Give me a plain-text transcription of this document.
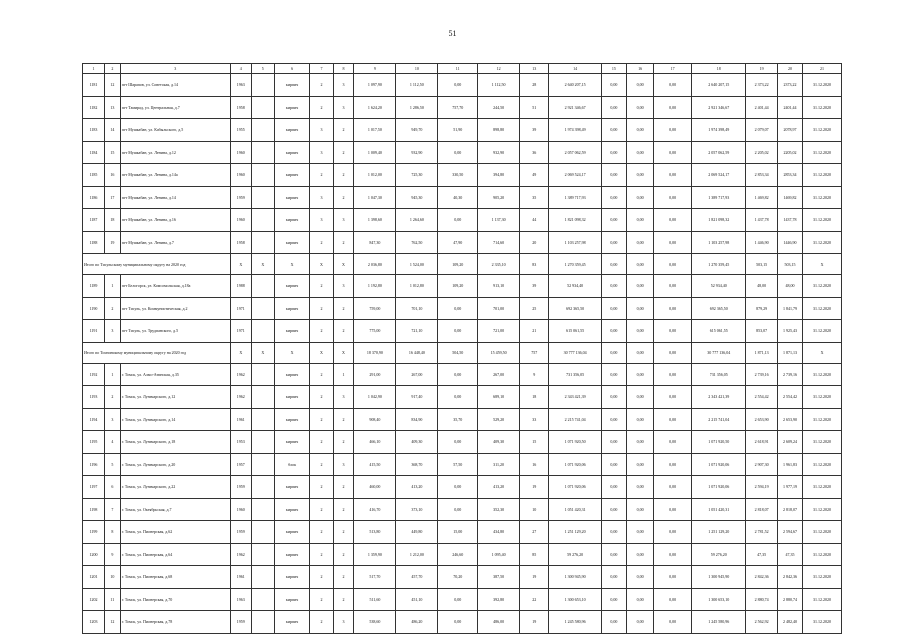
51
1	2	3	4	5	6	7	8	9	10	11	12	13	14	15	16	17	18	19	20	21
1181	12	пгт Шарапов, ул. Советская, д.14	1963		кирпич	2	3	1 097,90	1 112,50	0,00	1 112,50	28	2 640 207,15	0,00	0,00	0,00	2 640 207,15	2 373,22	2373,22	31.12.2020
1182	13	пгт Тамирад, ул. Центральная, д.7	1958		кирпич	2	3	1 624,20	1 286,50	757,70	244,50	51	2 921 346,67	0,00	0,00	0,00	2 921 346,67	2 401,44	2401,44	31.12.2020
1183	14	пгт Мушкабан, ул. Кабыльского, д.5	1955		кирпич	3	2	1 017,50	949,70	51,90	898,80	39	1 974 398,49	0,00	0,00	0,00	1 974 398,49	2 079,07	2078,97	31.12.2020
1184	15	пгт Мушкабан, ул. Ленина, д.12	1960		кирпич	3	2	1 009,40	932,90	0,00	932,90	36	2 057 062,59	0,00	0,00	0,00	2 057 062,59	2 205,02	2205,02	31.12.2020
1185	16	пгт Мушкабан, ул. Ленина, д.14а	1960		кирпич	2	2	1 012,00	725,30	330,50	394,80	49	2 069 524,17	0,00	0,00	0,00	2 069 524,17	2 853,34	2853,34	31.12.2020
1186	17	пгт Мушкабан, ул. Ленина, д.14	1959		кирпич	3	2	1 047,30	945,30	40,30	905,20	35	1 389 717,93	0,00	0,00	0,00	1 389 717,93	1 469,82	1469,82	31.12.2020
1187	18	пгт Мушкабан, ул. Ленина, д.16	1960		кирпич	3	3	1 398,60	1 264,60	0,00	1 137,30	44	1 821 098,32	0,00	0,00	0,00	1 821 098,32	1 437,78	1437,78	31.12.2020
1188	19	пгт Мушкабан, ул. Ленина, д.7	1958		кирпич	2	2	847,30	762,50	47,90	714,60	20	1 103 257,98	0,00	0,00	0,00	1 103 257,98	1 446,90	1446,90	31.12.2020
Итого по Тисульскому муниципальному округу на 2020 год			X	X	X	X	X	2 036,80	1 524,00	109,20	2 335,10	83	1 270 359,45	0,00	0,00	0,00	1 270 359,45	503,15	503,15	X
1189	1	пгт Белогорск, ул. Комсомольская, д.18а	1988		кирпич	2	3	1 192,80	1 012,80	109,20	913,10	39	52 934,40	0,00	0,00	0,00	52 934,40	48,00	48,00	31.12.2020
1190	2	пгт Тисуль, ул. Коммунистическая, д.2	1971		кирпич	2	2	759,00	701,10	0,00	701,00	25	692 365,50	0,00	0,00	0,00	692 365,50	879,29	1 841,79	31.12.2020
1191	3	пгт Тисуль, ул. Трудпанского, д.5	1971		кирпич	2	2	775,00	721,10	0,00	721,00	21	615 061,55	0,00	0,00	0,00	615 061,55	853,07	1 925,43	31.12.2020
Итого по Томзинскому муниципальному округу на 2020 год			X	X	X	X	X	18 370,90	16 448,40	504,50	15 459,50	757	30 777 136,04	0,00	0,00	0,00	30 777 136,04	1 871,13	1 871,13	X
1192	1	г. Томск, ул. Алмо-Атинская, д.35	1962		кирпич	2	1	291,00	267,00	0,00	267,00	9	731 356,05	0,00	0,00	0,00	731 356,05	2 739,16	2 739,16	31.12.2020
1193	2	г. Томск, ул. Луначарского, д.12	1962		кирпич	2	3	1 042,90	917,40	0,00	689,10	18	2 343 421,39	0,00	0,00	0,00	2 343 421,39	2 554,42	2 554,42	31.12.2020
1194	3	г. Томск, ул. Луначарского, д.14	1961		кирпич	2	2	908,40	834,90	35,70	529,20	33	2 215 741,04	0,00	0,00	0,00	2 215 741,04	2 653,90	2 653,90	31.12.2020
1195	4	г. Томск, ул. Луначарского, д.18	1953		кирпич	2	2	466,10	409,30	0,00	409,30	15	1 071 920,50	0,00	0,00	0,00	1 071 920,50	2 618,91	2 609,24	31.12.2020
1196	5	г. Томск, ул. Луначарского, д.20	1957		блок	2	3	415,50	368,70	57,50	311,20	16	1 071 920,06	0,00	0,00	0,00	1 071 920,06	2 907,30	1 961,83	31.12.2020
1197	6	г. Томск, ул. Луначарского, д.22	1959		кирпич	2	2	460,00	413,20	0,00	413,20	19	1 071 920,06	0,00	0,00	0,00	1 071 920,06	2 594,19	1 977,19	31.12.2020
1198	7	г. Томск, ул. Октябрьская, д.7	1960		кирпич	2	2	416,70	373,10	0,00	352,30	10	1 051 420,31	0,00	0,00	0,00	1 051 420,31	2 818,07	2 818,07	31.12.2020
1199	8	г. Томск, ул. Пионерская, д.62	1959		кирпич	2	2	513,80	449,80	15,00	434,80	27	1 251 129,20	0,00	0,00	0,00	1 251 129,20	2 781,52	2 594,67	31.12.2020
1200	9	г. Томск, ул. Пионерская, д.64	1962		кирпич	2	2	1 359,90	1 212,00	246,60	1 095,40	85	59 276,20	0,00	0,00	0,00	59 276,20	47,35	47,35	31.12.2020
1201	10	г. Томск, ул. Пионерская, д.68	1961		кирпич	2	2	517,70	457,70	70,20	387,50	19	1 300 945,90	0,00	0,00	0,00	1 300 945,90	2 842,36	2 842,36	31.12.2020
1202	11	г. Томск, ул. Пионерская, д.70	1963		кирпич	2	2	511,60	451,10	0,00	392,80	22	1 300 653,10	0,00	0,00	0,00	1 300 653,10	2 880,74	2 880,74	31.12.2020
1203	12	г. Томск, ул. Пионерская, д.78	1959		кирпич	2	3	538,60	486,20	0,00	486,00	19	1 245 580,96	0,00	0,00	0,00	1 245 580,96	2 562,92	2 482,40	31.12.2020
